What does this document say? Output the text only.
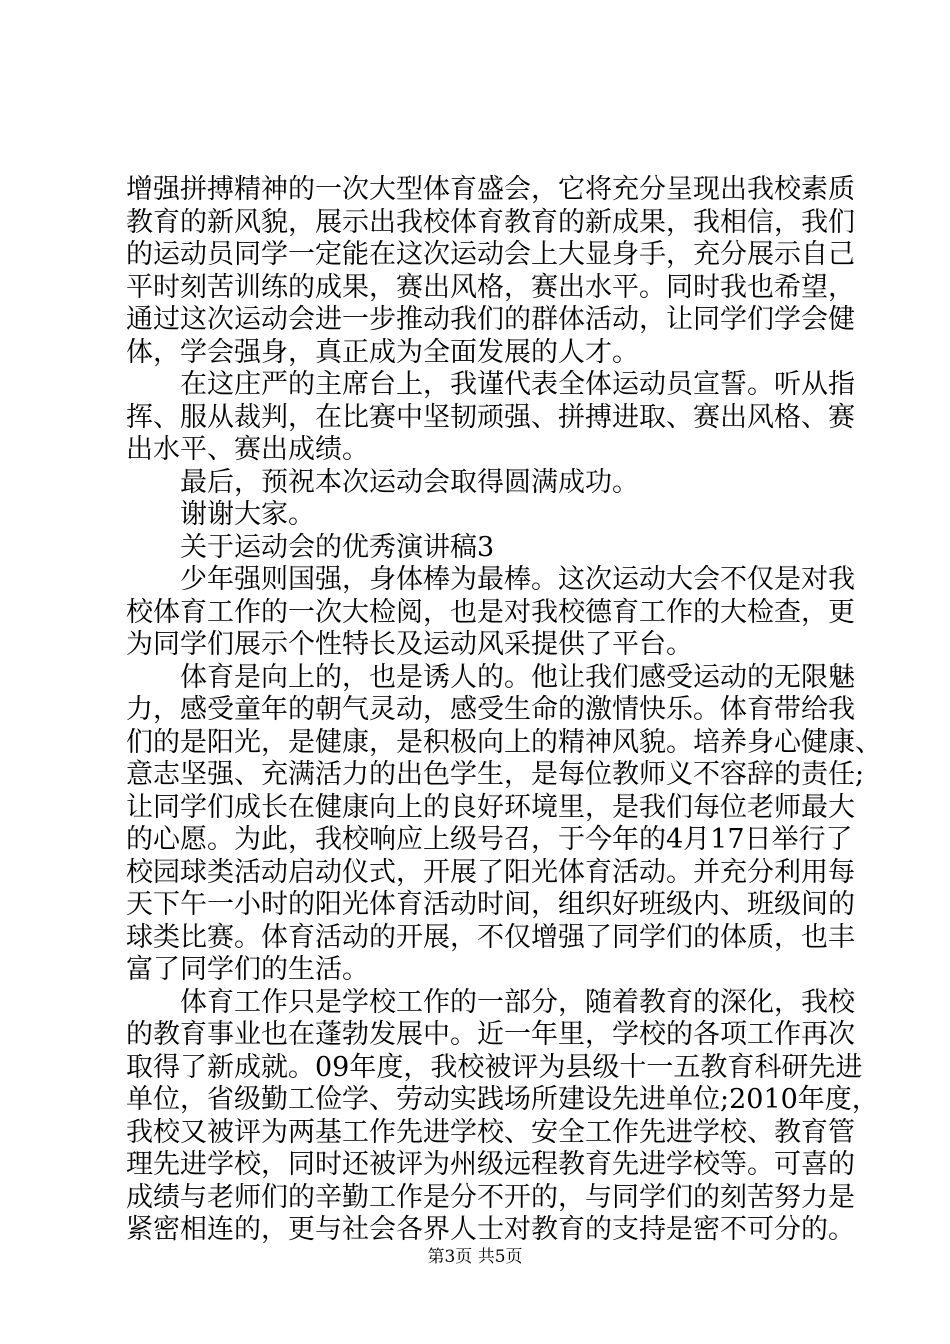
增强拼搏精神的一次大型体育盛会，它将充分呈现出我校素质
教育的新风貌，展示出我校体育教育的新成果，我相信，我们
的运动员同学一定能在这次运动会上大显身手，充分展示自己
平时刻苦训练的成果，赛出风格，赛出水平。同时我也希望，
通过这次运动会进一步推动我们的群体活动，让同学们学会健
体，学会强身，真正成为全面发展的人才。
　　在这庄严的主席台上，我谨代表全体运动员宣誓。听从指
挥、服从裁判，在比赛中坚韧顽强、拼搏进取、赛出风格、赛
出水平、赛出成绩。
　　最后，预祝本次运动会取得圆满成功。
　　谢谢大家。
　　关于运动会的优秀演讲稿3
　　少年强则国强，身体棒为最棒。这次运动大会不仅是对我
校体育工作的一次大检阅，也是对我校德育工作的大检查，更
为同学们展示个性特长及运动风采提供了平台。
　　体育是向上的，也是诱人的。他让我们感受运动的无限魅
力，感受童年的朝气灵动，感受生命的激情快乐。体育带给我
们的是阳光，是健康，是积极向上的精神风貌。培养身心健康、
意志坚强、充满活力的出色学生，是每位教师义不容辞的责任;
让同学们成长在健康向上的良好环境里，是我们每位老师最大
的心愿。为此，我校响应上级号召，于今年的4月17日举行了
校园球类活动启动仪式，开展了阳光体育活动。并充分利用每
天下午一小时的阳光体育活动时间，组织好班级内、班级间的
球类比赛。体育活动的开展，不仅增强了同学们的体质，也丰
富了同学们的生活。
　　体育工作只是学校工作的一部分，随着教育的深化，我校
的教育事业也在蓬勃发展中。近一年里，学校的各项工作再次
取得了新成就。09年度，我校被评为县级十一五教育科研先进
单位，省级勤工俭学、劳动实践场所建设先进单位;2010年度，
我校又被评为两基工作先进学校、安全工作先进学校、教育管
理先进学校，同时还被评为州级远程教育先进学校等。可喜的
成绩与老师们的辛勤工作是分不开的，与同学们的刻苦努力是
紧密相连的，更与社会各界人士对教育的支持是密不可分的。
第3页 共5页
